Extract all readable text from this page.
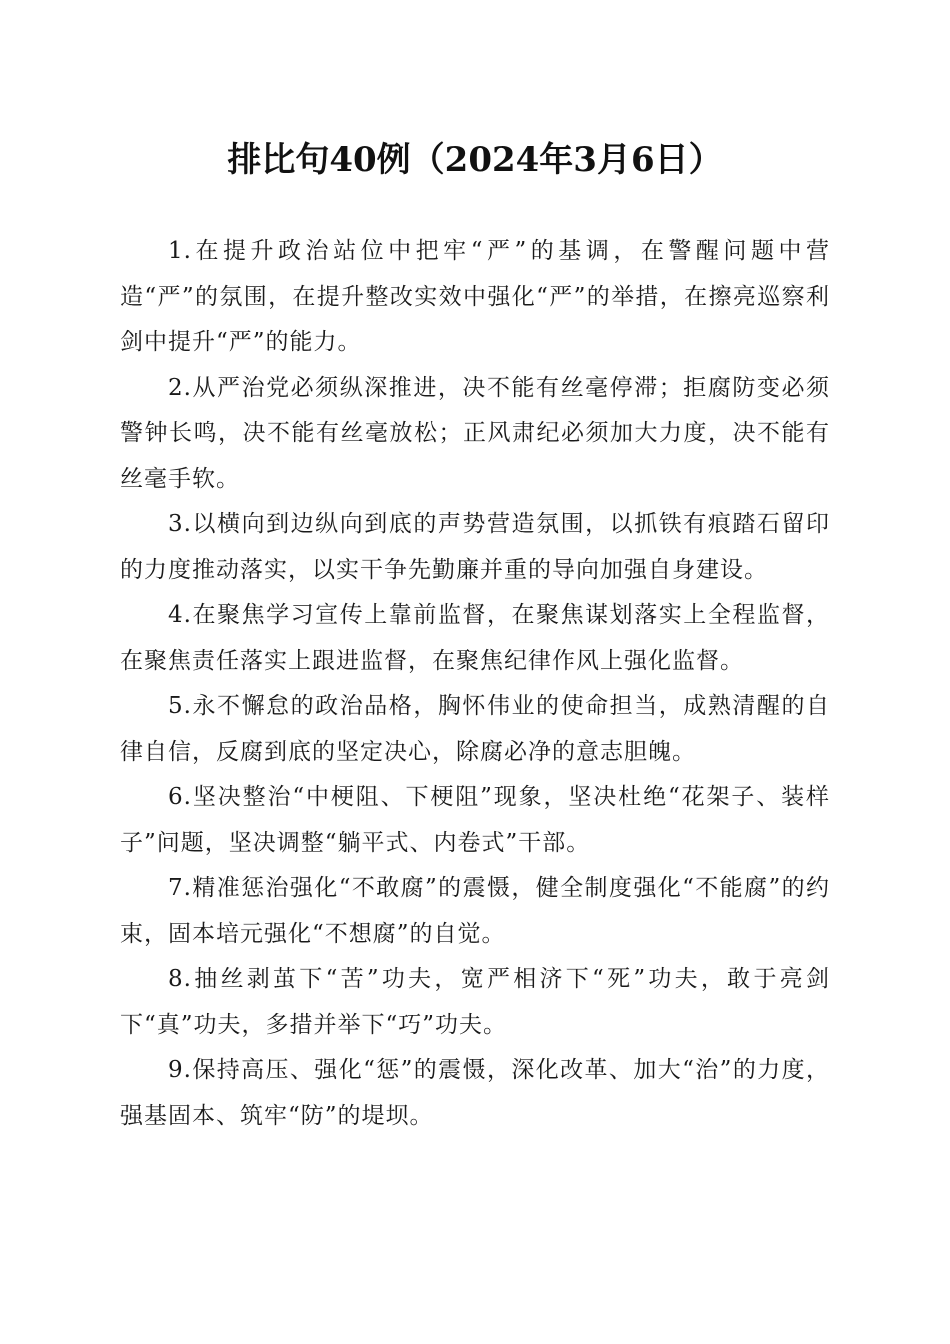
排比句40例（2024年3月6日）

1.在提升政治站位中把牢“严”的基调，在警醒问题中营造“严”的氛围，在提升整改实效中强化“严”的举措，在擦亮巡察利剑中提升“严”的能力。

2.从严治党必须纵深推进，决不能有丝毫停滞；拒腐防变必须警钟长鸣，决不能有丝毫放松；正风肃纪必须加大力度，决不能有丝毫手软。

3.以横向到边纵向到底的声势营造氛围，以抓铁有痕踏石留印的力度推动落实，以实干争先勤廉并重的导向加强自身建设。

4.在聚焦学习宣传上靠前监督，在聚焦谋划落实上全程监督，在聚焦责任落实上跟进监督，在聚焦纪律作风上强化监督。

5.永不懈怠的政治品格，胸怀伟业的使命担当，成熟清醒的自律自信，反腐到底的坚定决心，除腐必净的意志胆魄。

6.坚决整治“中梗阻、下梗阻”现象，坚决杜绝“花架子、装样子”问题，坚决调整“躺平式、内卷式”干部。

7.精准惩治强化“不敢腐”的震慑，健全制度强化“不能腐”的约束，固本培元强化“不想腐”的自觉。

8.抽丝剥茧下“苦”功夫，宽严相济下“死”功夫，敢于亮剑下“真”功夫，多措并举下“巧”功夫。

9.保持高压、强化“惩”的震慑，深化改革、加大“治”的力度，强基固本、筑牢“防”的堤坝。
